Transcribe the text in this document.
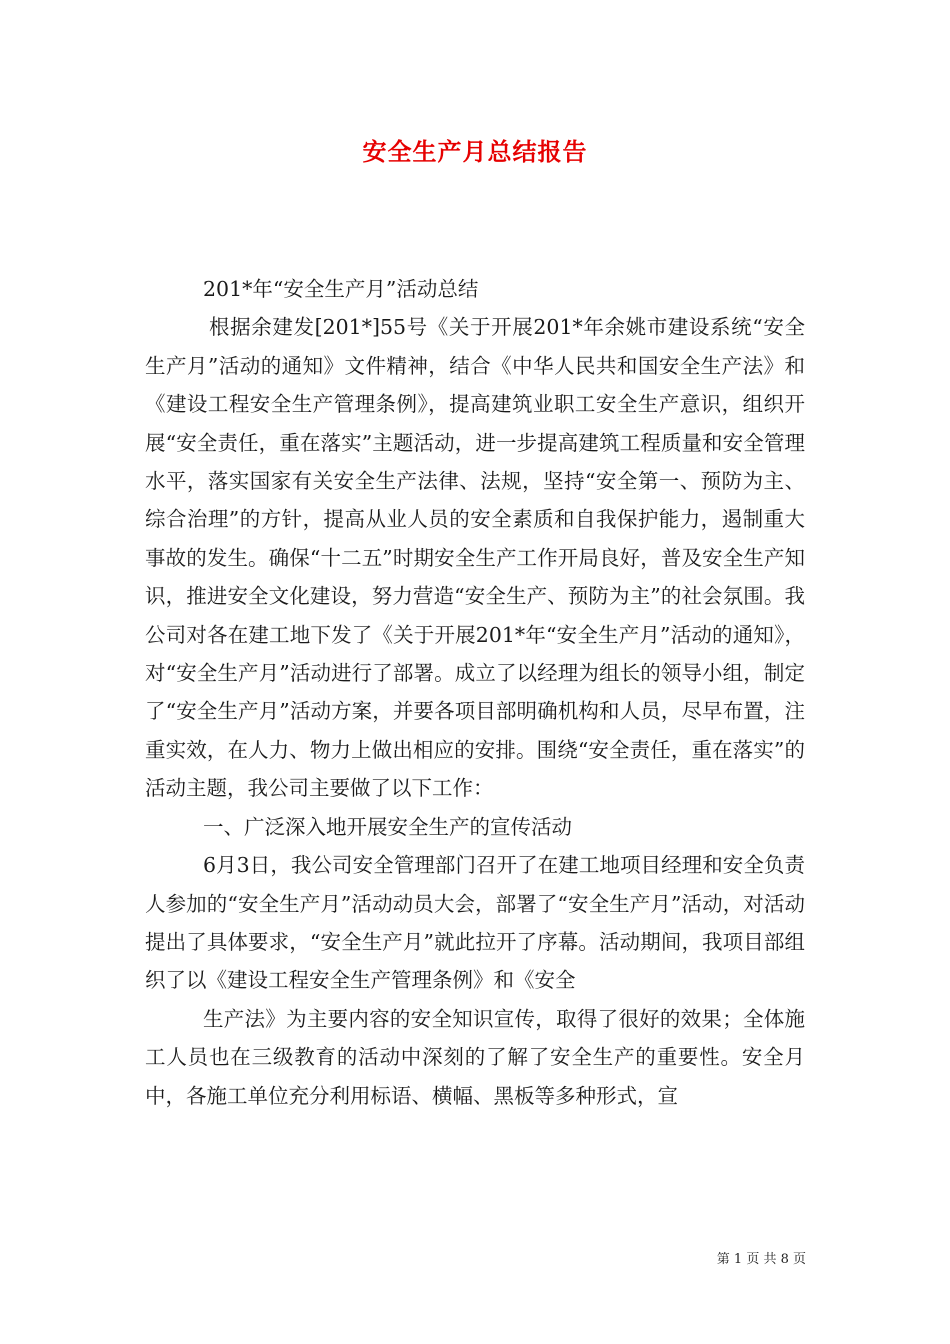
安全生产月总结报告

201*年“安全生产月”活动总结

根据余建发[201*]55号《关于开展201*年余姚市建设系统“安全生产月”活动的通知》文件精神，结合《中华人民共和国安全生产法》和《建设工程安全生产管理条例》，提高建筑业职工安全生产意识，组织开展“安全责任，重在落实”主题活动，进一步提高建筑工程质量和安全管理水平，落实国家有关安全生产法律、法规，坚持“安全第一、预防为主、综合治理”的方针，提高从业人员的安全素质和自我保护能力，遏制重大事故的发生。确保“十二五”时期安全生产工作开局良好，普及安全生产知识，推进安全文化建设，努力营造“安全生产、预防为主”的社会氛围。我公司对各在建工地下发了《关于开展201*年“安全生产月”活动的通知》，对“安全生产月”活动进行了部署。成立了以经理为组长的领导小组，制定了“安全生产月”活动方案，并要各项目部明确机构和人员，尽早布置，注重实效，在人力、物力上做出相应的安排。围绕“安全责任，重在落实”的活动主题，我公司主要做了以下工作：

一、广泛深入地开展安全生产的宣传活动

6月3日，我公司安全管理部门召开了在建工地项目经理和安全负责人参加的“安全生产月”活动动员大会，部署了“安全生产月”活动，对活动提出了具体要求，“安全生产月”就此拉开了序幕。活动期间，我项目部组织了以《建设工程安全生产管理条例》和《安全

生产法》为主要内容的安全知识宣传，取得了很好的效果；全体施工人员也在三级教育的活动中深刻的了解了安全生产的重要性。安全月中，各施工单位充分利用标语、横幅、黑板等多种形式，宣

第 1 页 共 8 页
